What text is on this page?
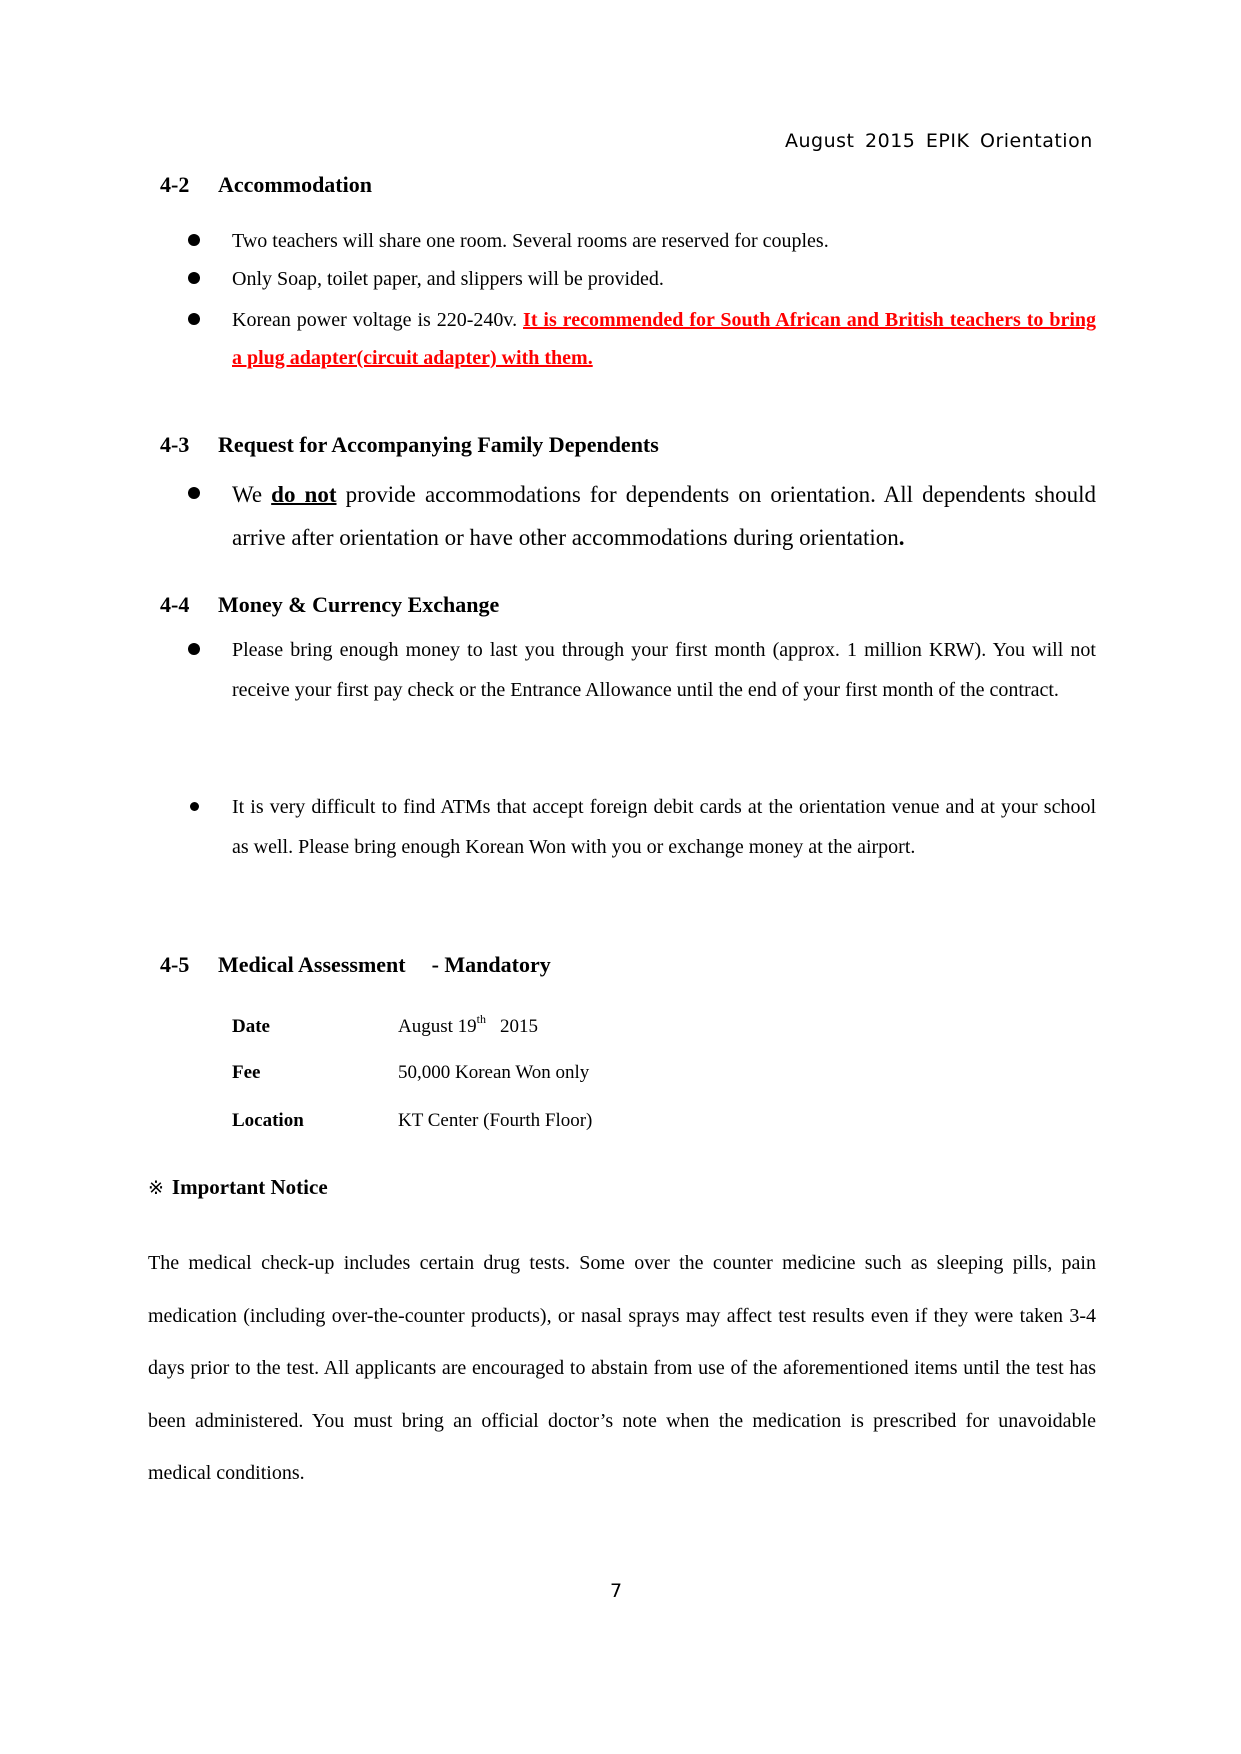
August 2015 EPIK Orientation
4-2 Accommodation
Two teachers will share one room. Several rooms are reserved for couples.
Only Soap, toilet paper, and slippers will be provided.
Korean power voltage is 220-240v. It is recommended for South African and British teachers to bring a plug adapter(circuit adapter) with them.
4-3 Request for Accompanying Family Dependents
We do not provide accommodations for dependents on orientation. All dependents should arrive after orientation or have other accommodations during orientation.
4-4 Money & Currency Exchange
Please bring enough money to last you through your first month (approx. 1 million KRW). You will not receive your first pay check or the Entrance Allowance until the end of your first month of the contract.
It is very difficult to find ATMs that accept foreign debit cards at the orientation venue and at your school as well. Please bring enough Korean Won with you or exchange money at the airport.
4-5 Medical Assessment - Mandatory
Date	August 19th 2015
Fee	50,000 Korean Won only
Location	KT Center (Fourth Floor)
※ Important Notice
The medical check-up includes certain drug tests. Some over the counter medicine such as sleeping pills, pain medication (including over-the-counter products), or nasal sprays may affect test results even if they were taken 3-4 days prior to the test. All applicants are encouraged to abstain from use of the aforementioned items until the test has been administered. You must bring an official doctor’s note when the medication is prescribed for unavoidable medical conditions.
7
